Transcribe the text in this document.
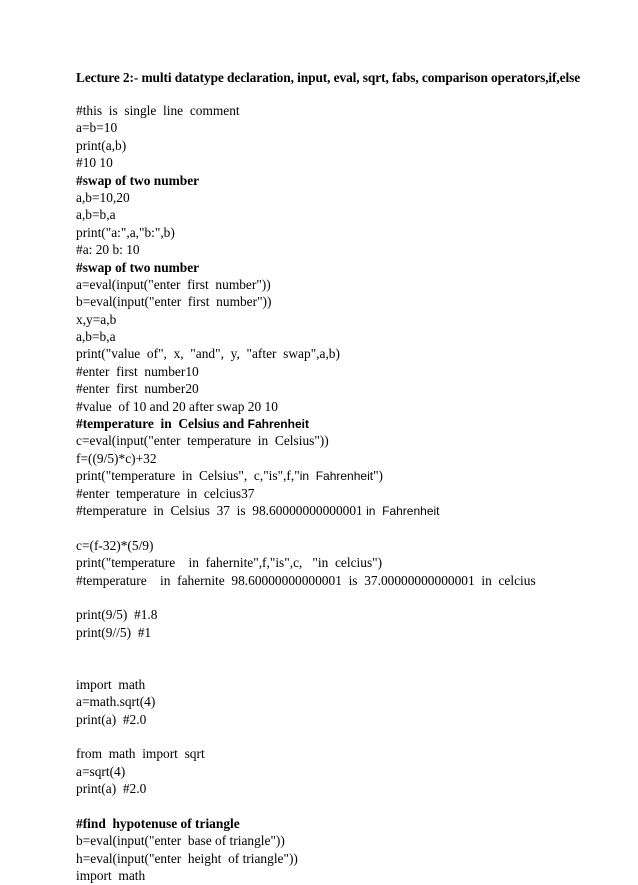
Lecture 2:- multi datatype declaration, input, eval, sqrt, fabs, comparison operators,if,else
#this  is  single  line  comment
a=b=10
print(a,b)
#10 10
#swap of two number
a,b=10,20
a,b=b,a
print("a:",a,"b:",b)
#a: 20 b: 10
#swap of two number
a=eval(input("enter  first  number"))
b=eval(input("enter  first  number"))
x,y=a,b
a,b=b,a
print("value  of",  x,  "and",  y,  "after  swap",a,b)
#enter  first  number10
#enter  first  number20
#value  of 10 and 20 after swap 20 10
#temperature  in  Celsius and Fahrenheit
c=eval(input("enter  temperature  in  Celsius"))
f=((9/5)*c)+32
print("temperature  in  Celsius",  c,"is",f,"in  Fahrenheit")
#enter  temperature  in  celcius37
#temperature  in  Celsius  37  is  98.60000000000001 in  Fahrenheit
c=(f-32)*(5/9)
print("temperature    in  fahernite",f,"is",c,   "in  celcius")
#temperature    in  fahernite  98.60000000000001  is  37.00000000000001  in  celcius
print(9/5)  #1.8
print(9//5)  #1
import  math
a=math.sqrt(4)
print(a)  #2.0
from  math  import  sqrt
a=sqrt(4)
print(a)  #2.0
#find  hypotenuse of triangle
b=eval(input("enter  base of triangle"))
h=eval(input("enter  height  of triangle"))
import  math
